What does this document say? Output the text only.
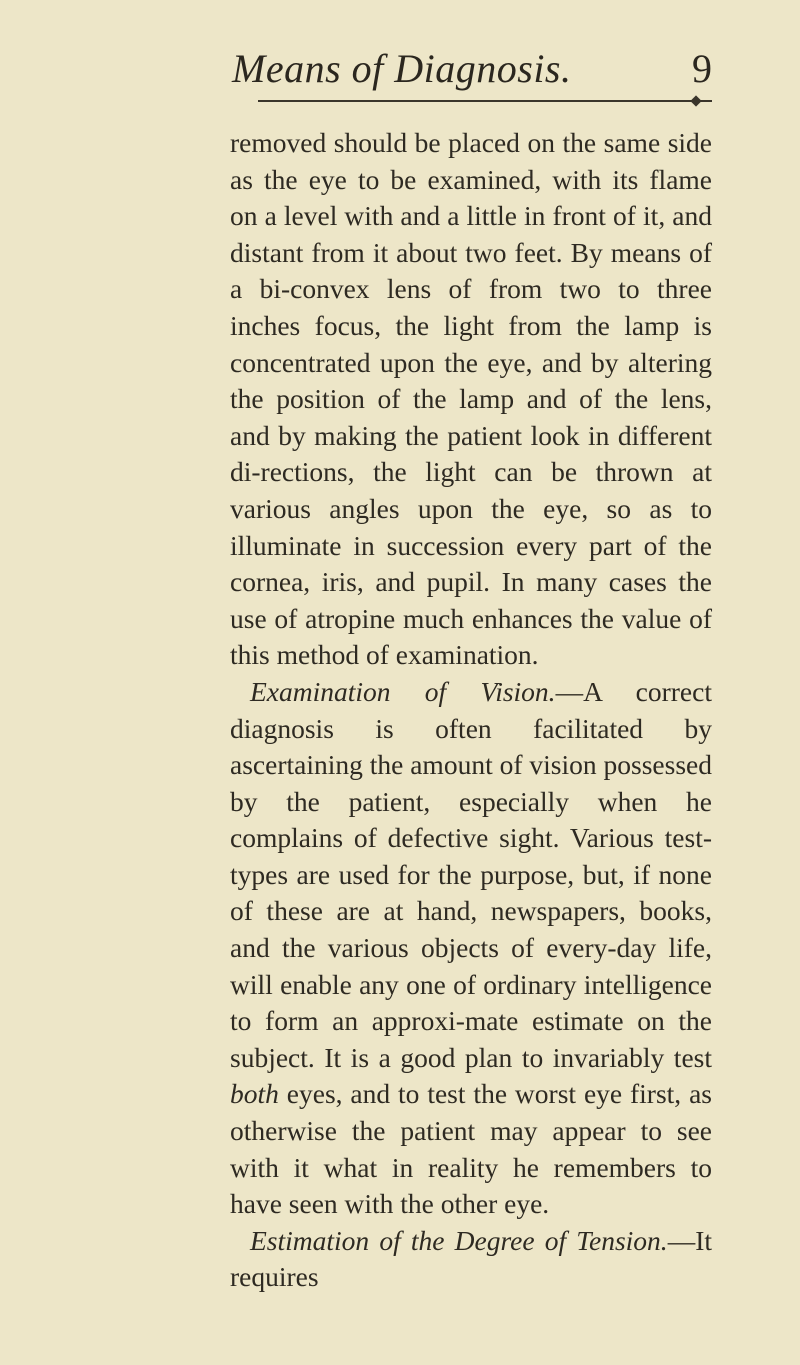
Means of Diagnosis.	9

removed should be placed on the same side as the eye to be examined, with its flame on a level with and a little in front of it, and distant from it about two feet. By means of a bi-convex lens of from two to three inches focus, the light from the lamp is concentrated upon the eye, and by altering the position of the lamp and of the lens, and by making the patient look in different di-rections, the light can be thrown at various angles upon the eye, so as to illuminate in succession every part of the cornea, iris, and pupil. In many cases the use of atropine much enhances the value of this method of examination.

Examination of Vision.—A correct diagnosis is often facilitated by ascertaining the amount of vision possessed by the patient, especially when he complains of defective sight. Various test-types are used for the purpose, but, if none of these are at hand, newspapers, books, and the various objects of every-day life, will enable any one of ordinary intelligence to form an approxi-mate estimate on the subject. It is a good plan to invariably test both eyes, and to test the worst eye first, as otherwise the patient may appear to see with it what in reality he remembers to have seen with the other eye.

Estimation of the Degree of Tension.—It requires
